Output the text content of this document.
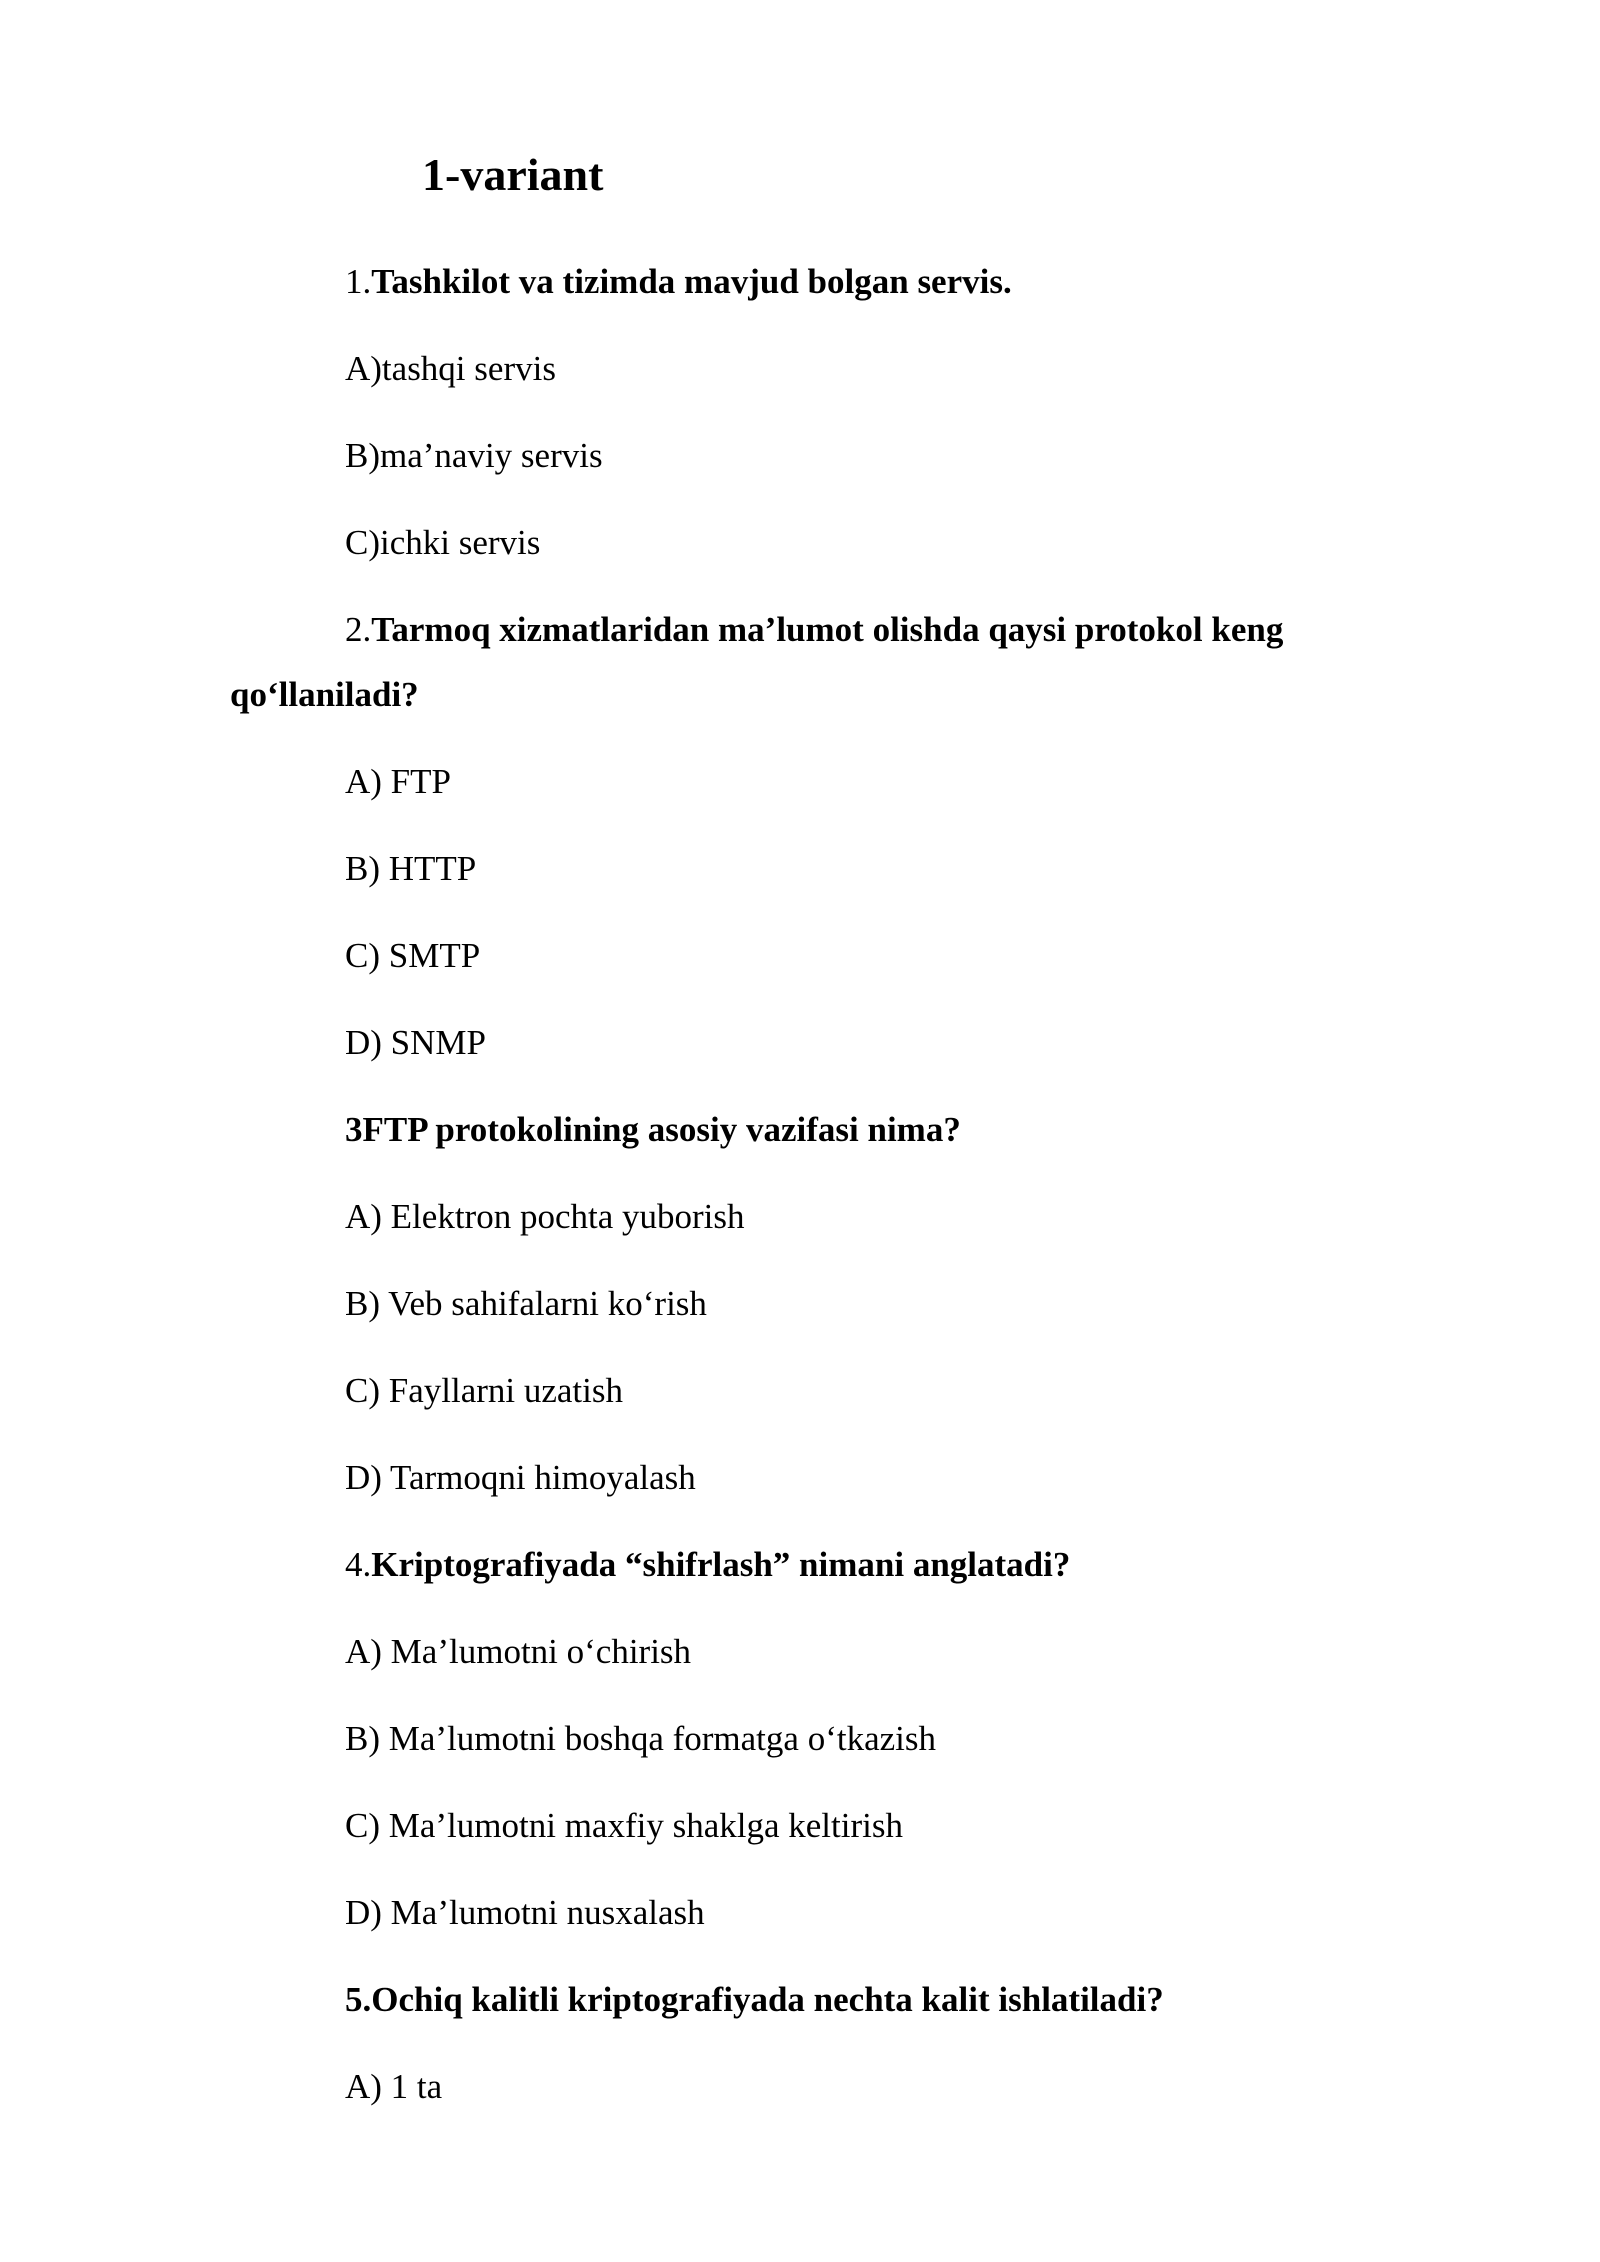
1-variant
1.Tashkilot va tizimda mavjud bolgan servis.
A)tashqi servis
B)ma’naviy servis
C)ichki servis
2.Tarmoq xizmatlaridan ma’lumot olishda qaysi protokol keng
qo‘llaniladi?
A) FTP
B) HTTP
C) SMTP
D) SNMP
3FTP protokolining asosiy vazifasi nima?
A) Elektron pochta yuborish
B) Veb sahifalarni ko‘rish
C) Fayllarni uzatish
D) Tarmoqni himoyalash
4.Kriptografiyada “shifrlash” nimani anglatadi?
A) Ma’lumotni o‘chirish
B) Ma’lumotni boshqa formatga o‘tkazish
C) Ma’lumotni maxfiy shaklga keltirish
D) Ma’lumotni nusxalash
5.Ochiq kalitli kriptografiyada nechta kalit ishlatiladi?
A) 1 ta
